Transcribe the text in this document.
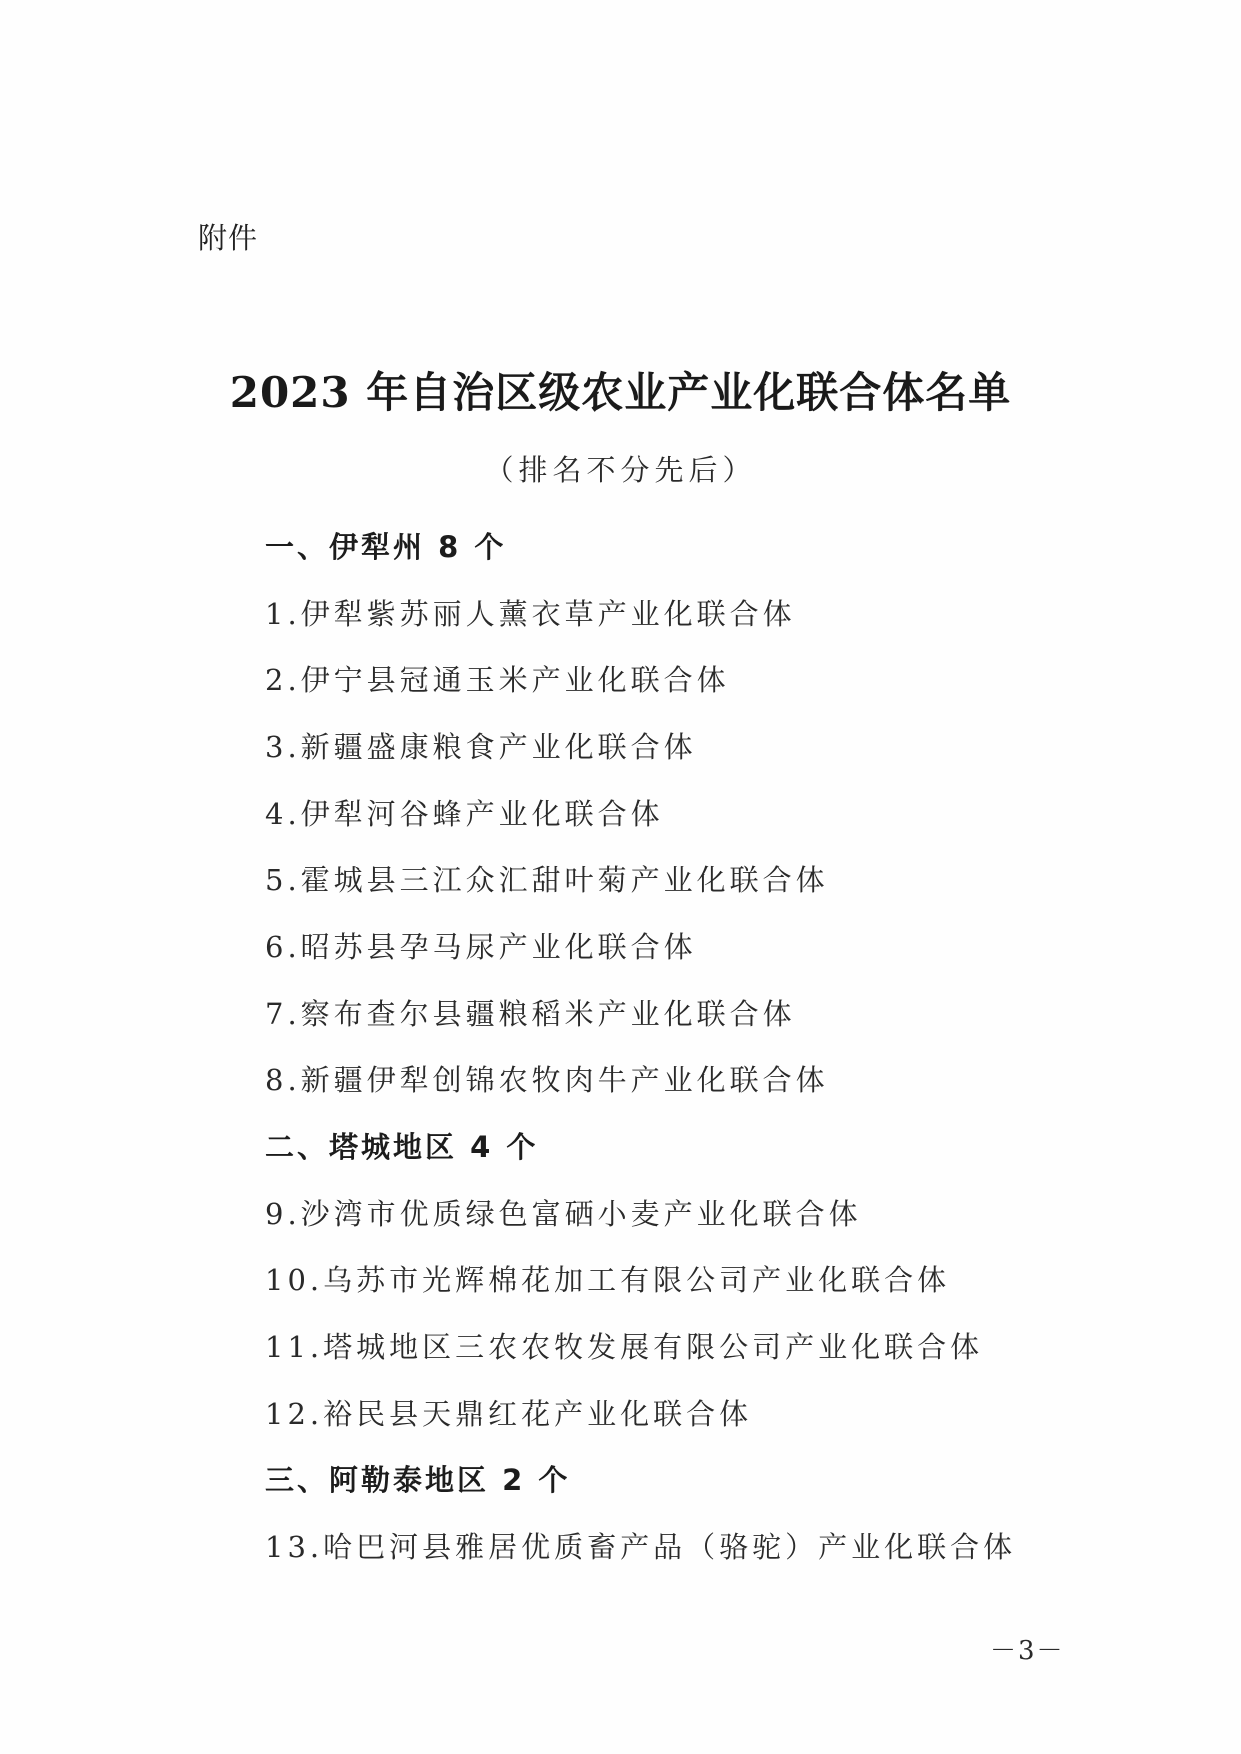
附件
2023 年自治区级农业产业化联合体名单
（排名不分先后）
一、伊犁州 8 个
1.伊犁紫苏丽人薰衣草产业化联合体
2.伊宁县冠通玉米产业化联合体
3.新疆盛康粮食产业化联合体
4.伊犁河谷蜂产业化联合体
5.霍城县三江众汇甜叶菊产业化联合体
6.昭苏县孕马尿产业化联合体
7.察布查尔县疆粮稻米产业化联合体
8.新疆伊犁创锦农牧肉牛产业化联合体
二、塔城地区 4 个
9.沙湾市优质绿色富硒小麦产业化联合体
10.乌苏市光辉棉花加工有限公司产业化联合体
11.塔城地区三农农牧发展有限公司产业化联合体
12.裕民县天鼎红花产业化联合体
三、阿勒泰地区 2 个
13.哈巴河县雅居优质畜产品（骆驼）产业化联合体
－3－
